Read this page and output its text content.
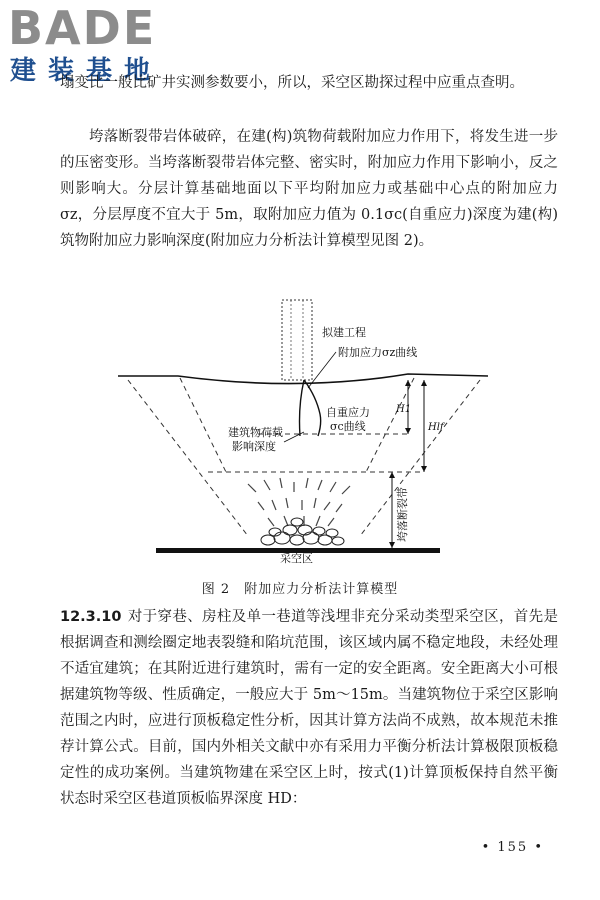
BADE
建装基地

塌变比一般比矿井实测参数要小，所以，采空区勘探过程中应重点查明。

垮落断裂带岩体破碎，在建(构)筑物荷载附加应力作用下，将发生进一步的压密变形。当垮落断裂带岩体完整、密实时，附加应力作用下影响小，反之则影响大。分层计算基础地面以下平均附加应力或基础中心点的附加应力 σz，分层厚度不宜大于 5m，取附加应力值为 0.1σc(自重应力)深度为建(构)筑物附加应力影响深度(附加应力分析法计算模型见图 2)。

拟建工程
附加应力σz曲线
自重应力
σc曲线
建筑物荷载
影响深度
H1
Hlf
垮落断裂带
采空区
图 2　附加应力分析法计算模型

12.3.10 对于穿巷、房柱及单一巷道等浅埋非充分采动类型采空区，首先是根据调查和测绘圈定地表裂缝和陷坑范围，该区域内属不稳定地段，未经处理不适宜建筑；在其附近进行建筑时，需有一定的安全距离。安全距离大小可根据建筑物等级、性质确定，一般应大于 5m～15m。当建筑物位于采空区影响范围之内时，应进行顶板稳定性分析，因其计算方法尚不成熟，故本规范未推荐计算公式。目前，国内外相关文献中亦有采用力平衡分析法计算极限顶板稳定性的成功案例。当建筑物建在采空区上时，按式(1)计算顶板保持自然平衡状态时采空区巷道顶板临界深度 HD：

• 155 •
